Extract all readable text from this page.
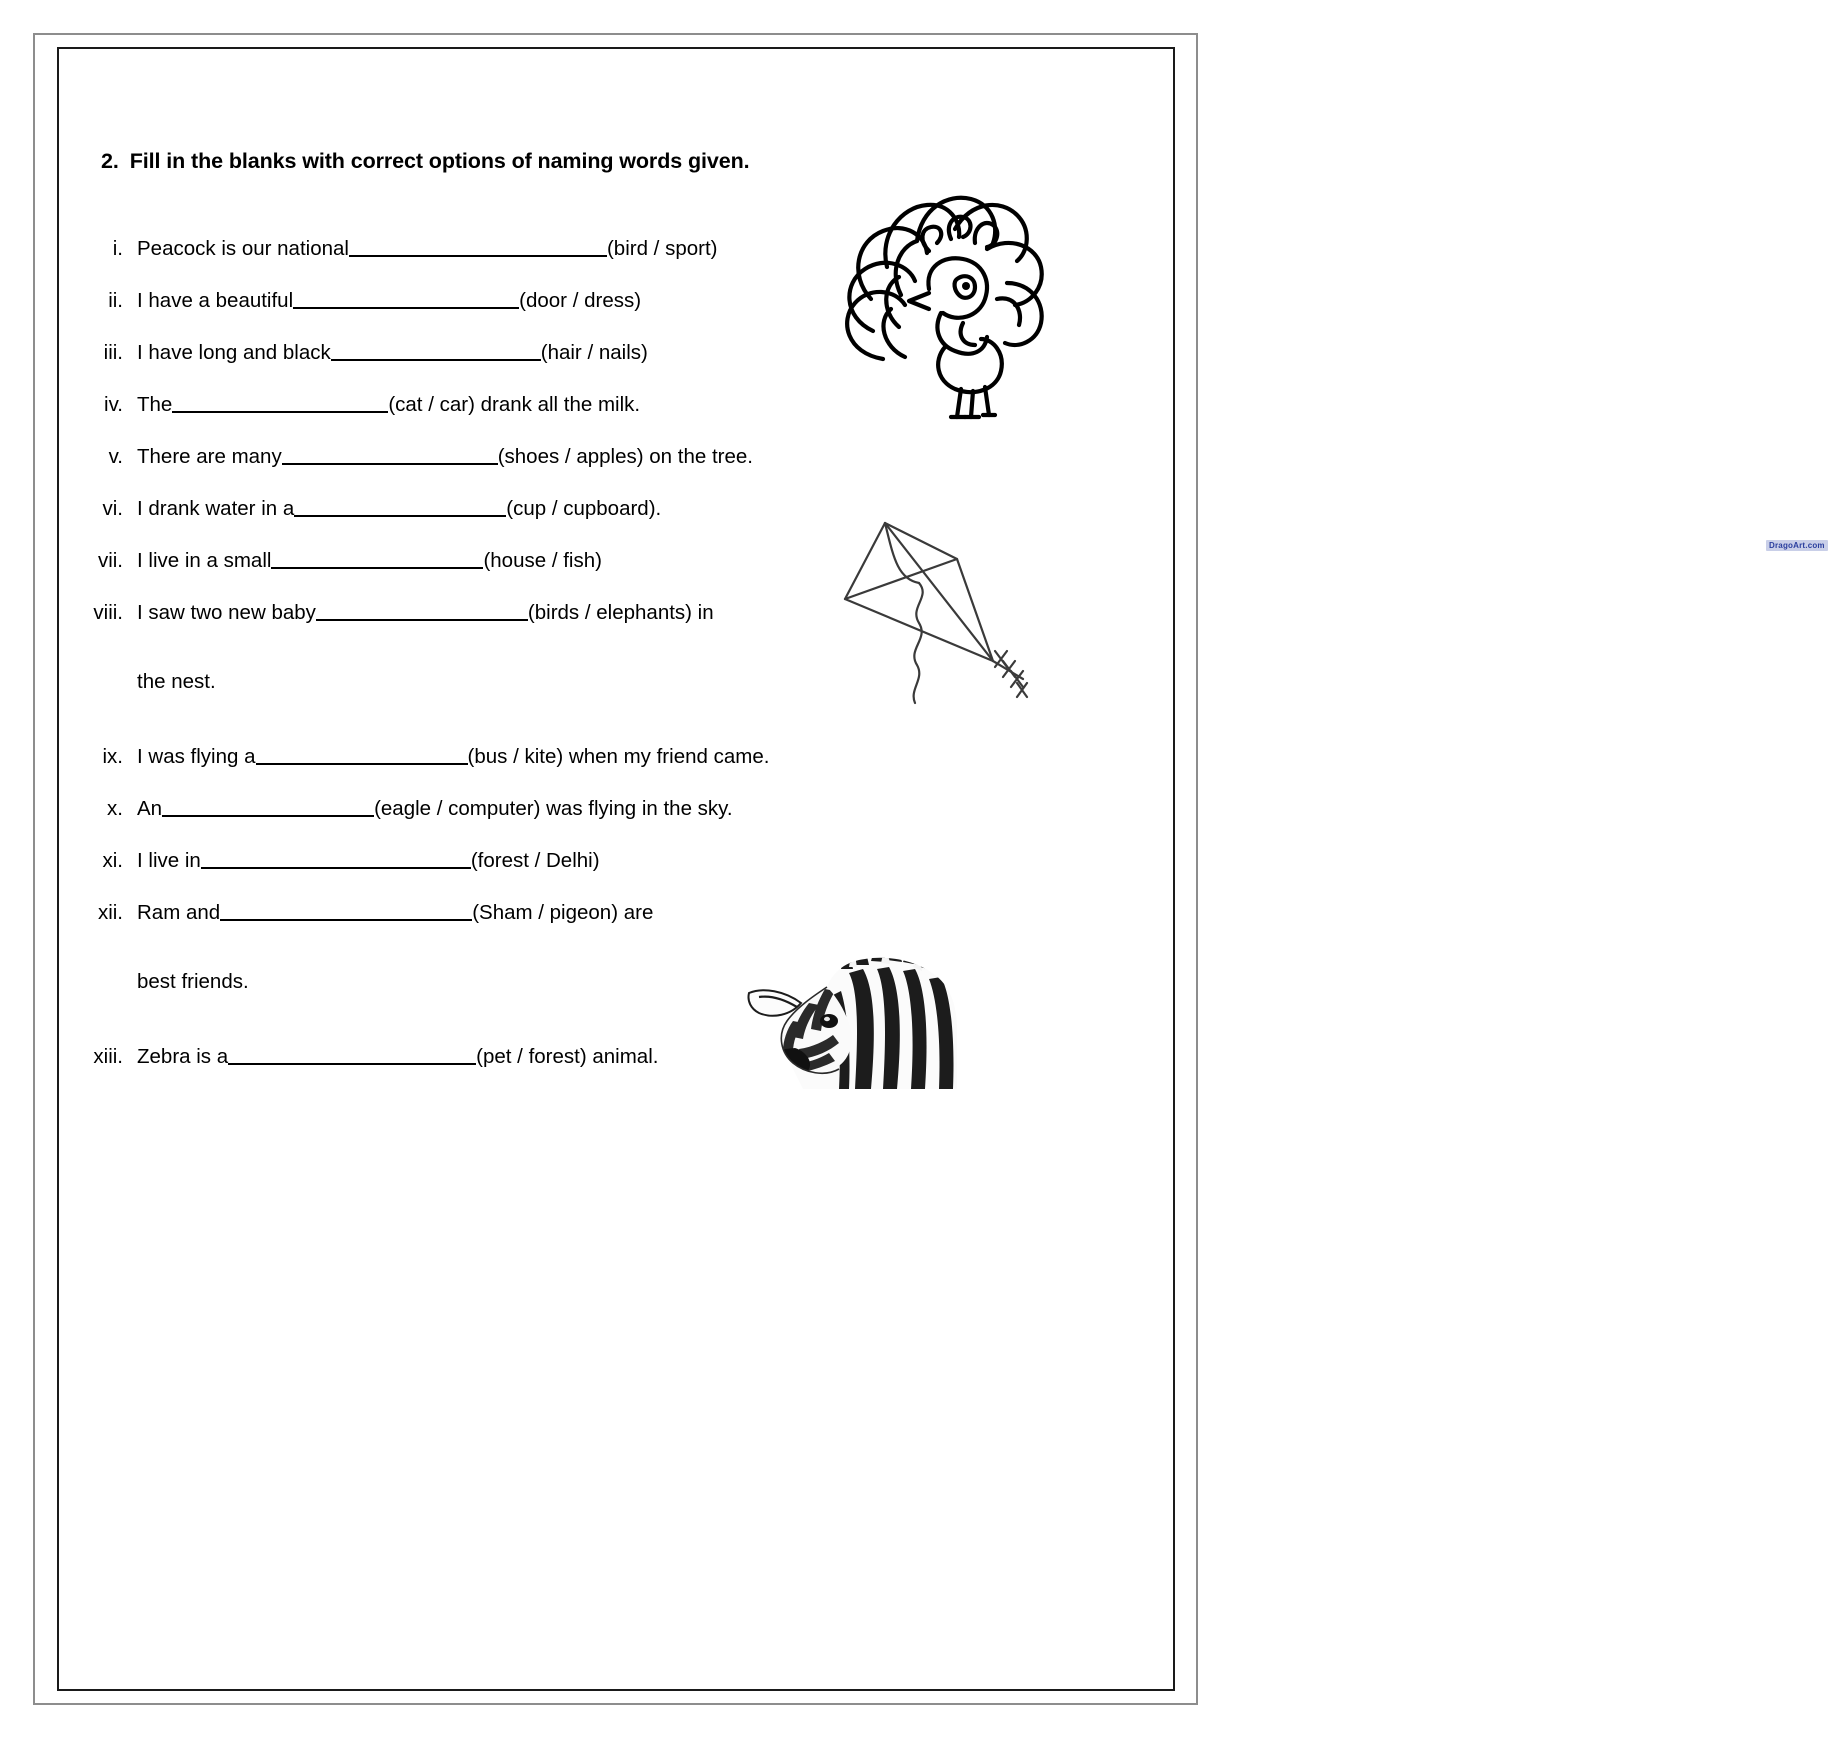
2. Fill in the blanks with correct options of naming words given.
i. Peacock is our national	(bird / sport)
ii. I have a beautiful	(door / dress)
iii. I have long and black	(hair / nails)
iv. The	(cat / car) drank all the milk.
v. There are many	(shoes / apples) on the tree.
vi. I drank water in a	(cup / cupboard).
vii. I live in a small	(house / fish)
viii. I saw two new baby	(birds / elephants) in
the nest.
ix. I was flying a	(bus / kite) when my friend came.
x. An	(eagle / computer) was flying in the sky.
xi. I live in	(forest / Delhi)
xii. Ram and	(Sham / pigeon) are
best friends.
xiii. Zebra is a	(pet / forest) animal.
DragoArt.com
